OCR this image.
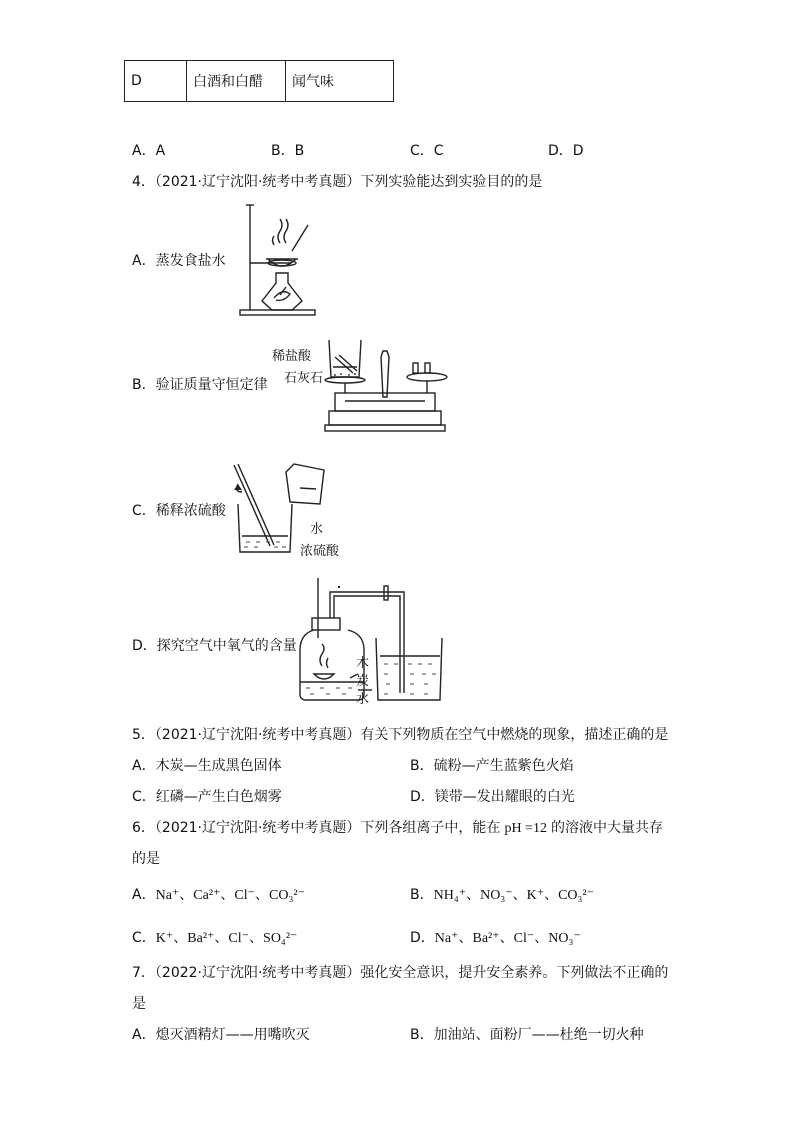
D	白酒和白醋	闻气味
A．A	B．B	C．C	D．D
4．（2021·辽宁沈阳·统考中考真题）下列实验能达到实验目的的是
A．蒸发食盐水
B．验证质量守恒定律
C．稀释浓硫酸
D．探究空气中氧气的含量
稀盐酸
石灰石
水
浓硫酸
木
炭
水
5．（2021·辽宁沈阳·统考中考真题）有关下列物质在空气中燃烧的现象，描述正确的是
A．木炭—生成黑色固体	B．硫粉—产生蓝紫色火焰
C．红磷—产生白色烟雾	D．镁带—发出耀眼的白光
6．（2021·辽宁沈阳·统考中考真题）下列各组离子中，能在 pH =12 的溶液中大量共存
的是
A．Na⁺、Ca²⁺、Cl⁻、CO₃²⁻	B．NH₄⁺、NO₃⁻、K⁺、CO₃²⁻
C．K⁺、Ba²⁺、Cl⁻、SO₄²⁻	D．Na⁺、Ba²⁺、Cl⁻、NO₃⁻
7．（2022·辽宁沈阳·统考中考真题）强化安全意识，提升安全素养。下列做法不正确的
是
A．熄灭酒精灯——用嘴吹灭	B．加油站、面粉厂——杜绝一切火种
